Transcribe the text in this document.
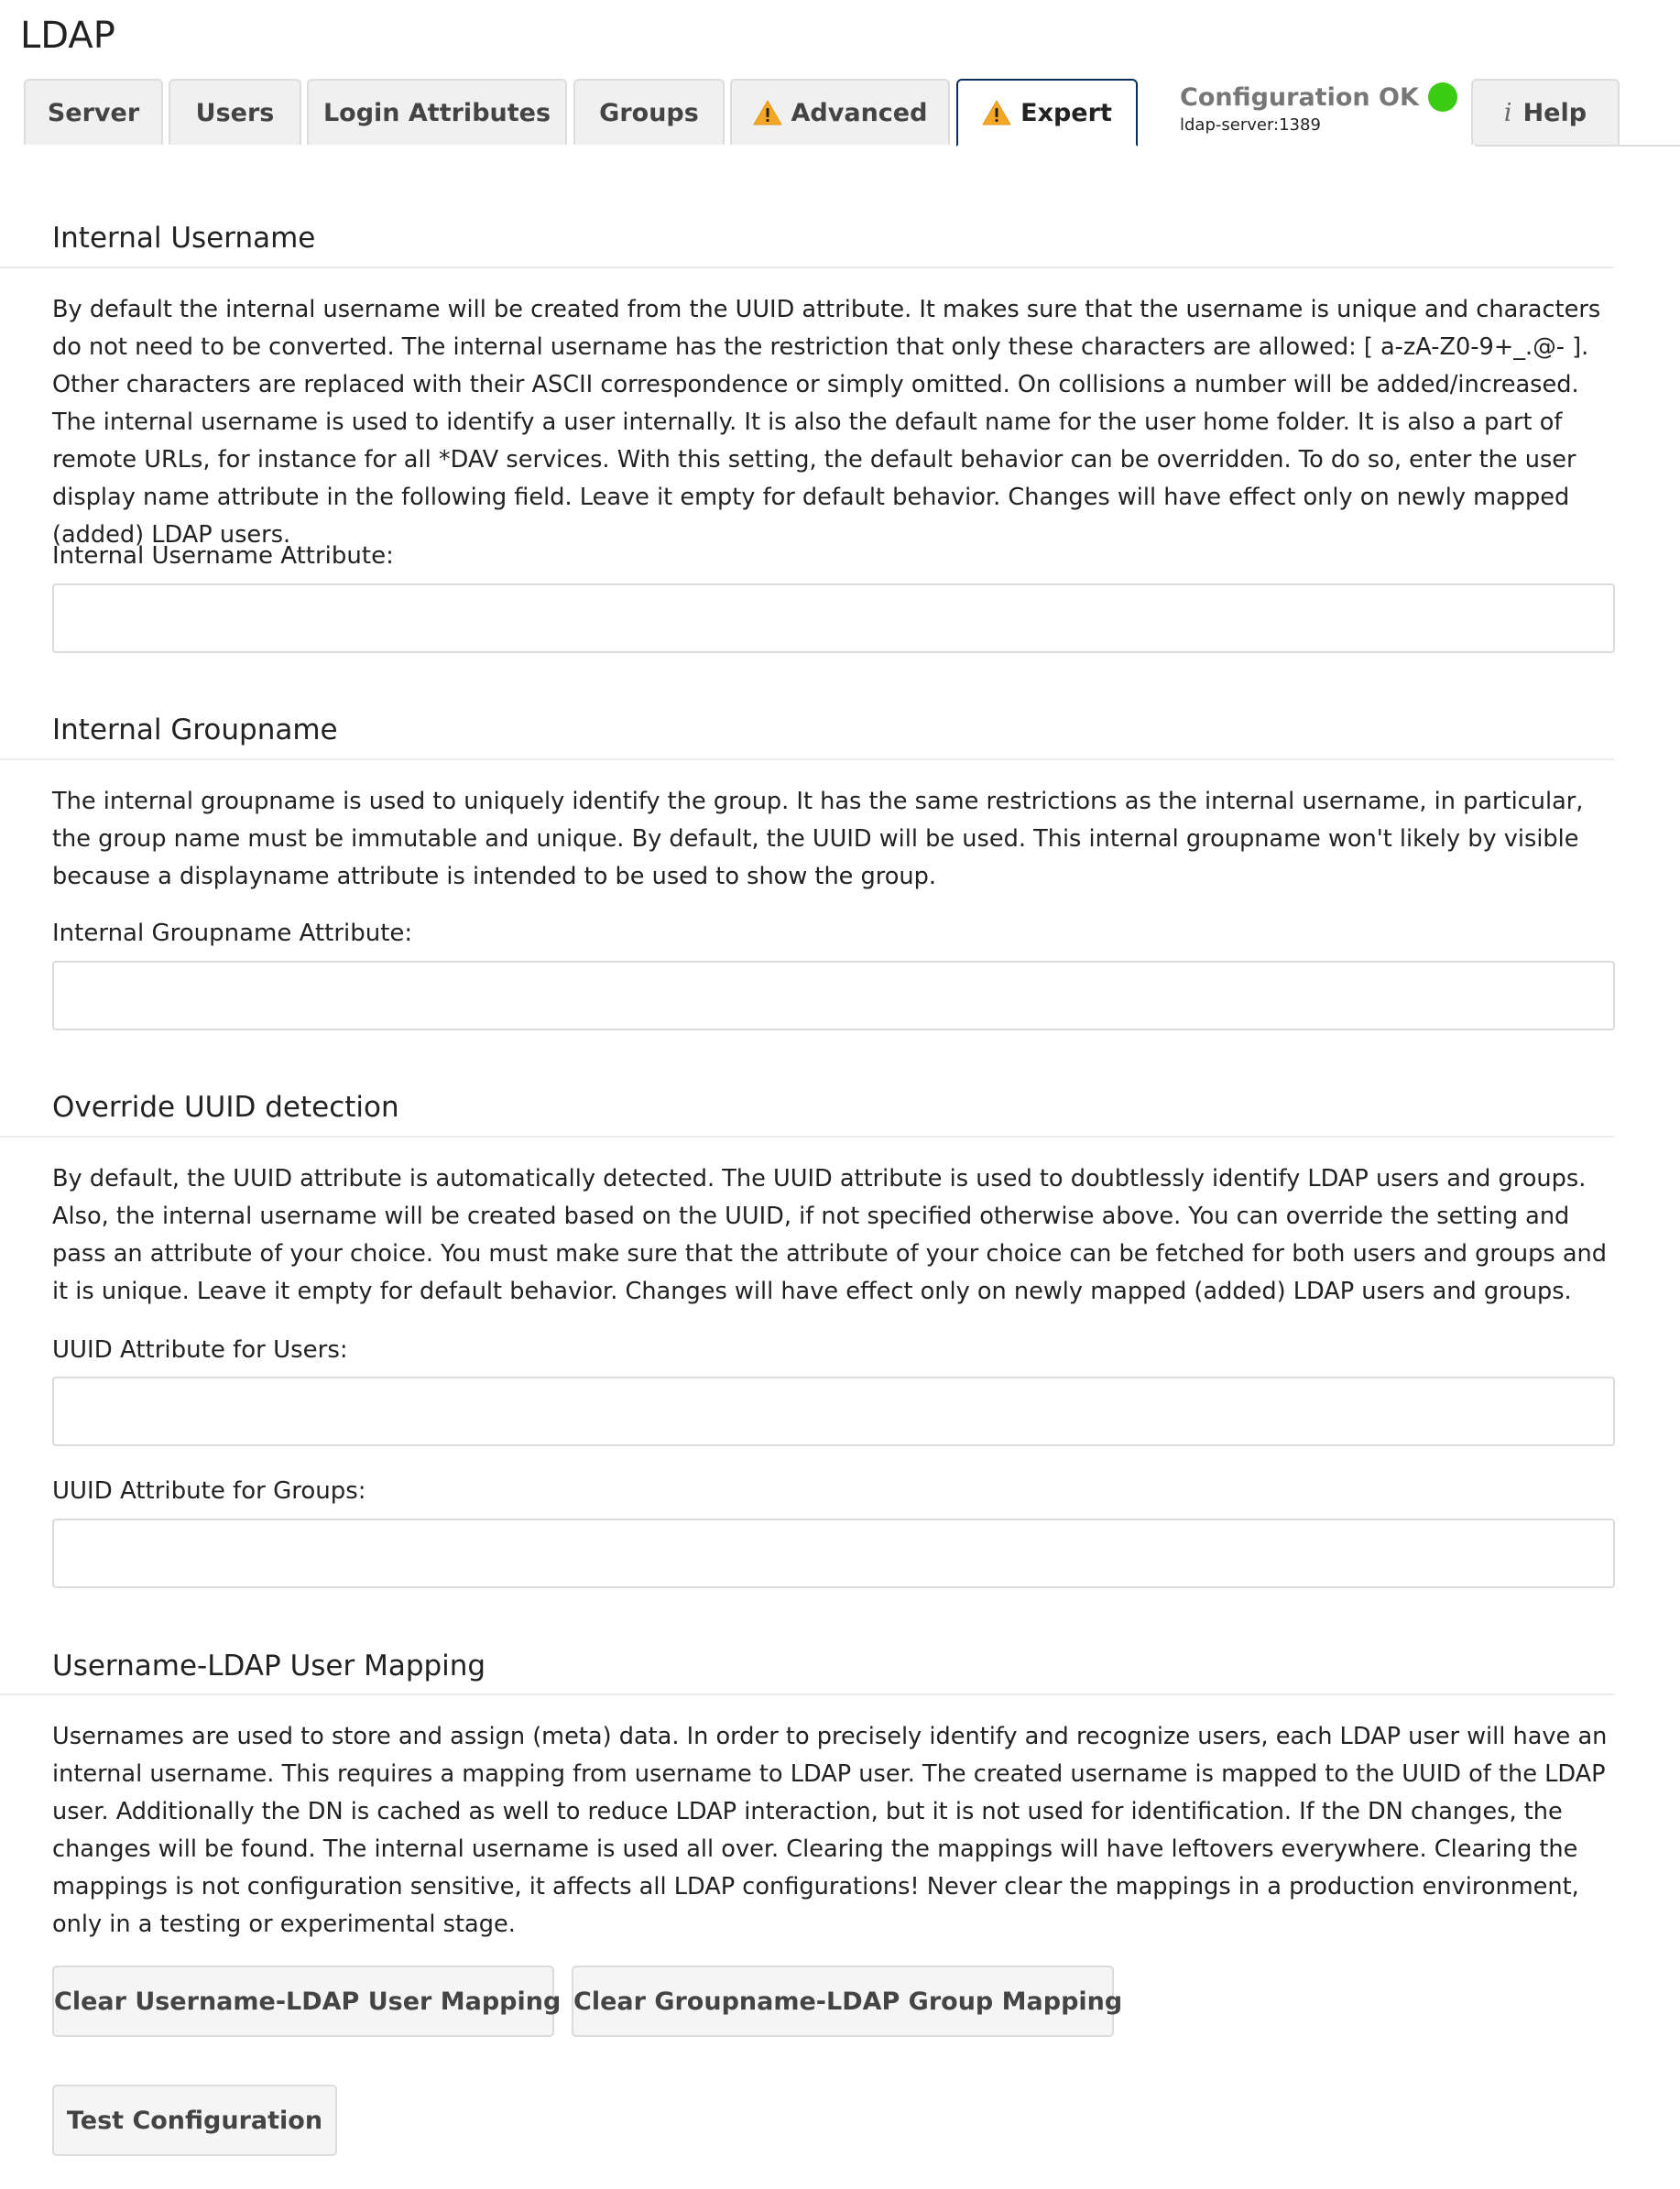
LDAP
Server Users Login Attributes Groups	Advanced	Expert
Configuration OK
ldap-server:1389	i Help
Internal Username
By default the internal username will be created from the UUID attribute. It makes sure that the username is unique and characters do not need to be converted. The internal username has the restriction that only these characters are allowed: [ a-zA-Z0-9+_.@- ]. Other characters are replaced with their ASCII correspondence or simply omitted. On collisions a number will be added/increased. The internal username is used to identify a user internally. It is also the default name for the user home folder. It is also a part of remote URLs, for instance for all *DAV services. With this setting, the default behavior can be overridden. To do so, enter the user display name attribute in the following field. Leave it empty for default behavior. Changes will have effect only on newly mapped (added) LDAP users.
Internal Username Attribute:
Internal Groupname
The internal groupname is used to uniquely identify the group. It has the same restrictions as the internal username, in particular, the group name must be immutable and unique. By default, the UUID will be used. This internal groupname won't likely by visible because a displayname attribute is intended to be used to show the group.
Internal Groupname Attribute:
Override UUID detection
By default, the UUID attribute is automatically detected. The UUID attribute is used to doubtlessly identify LDAP users and groups. Also, the internal username will be created based on the UUID, if not specified otherwise above. You can override the setting and pass an attribute of your choice. You must make sure that the attribute of your choice can be fetched for both users and groups and it is unique. Leave it empty for default behavior. Changes will have effect only on newly mapped (added) LDAP users and groups.
UUID Attribute for Users:
UUID Attribute for Groups:
Username-LDAP User Mapping
Usernames are used to store and assign (meta) data. In order to precisely identify and recognize users, each LDAP user will have an internal username. This requires a mapping from username to LDAP user. The created username is mapped to the UUID of the LDAP user. Additionally the DN is cached as well to reduce LDAP interaction, but it is not used for identification. If the DN changes, the changes will be found. The internal username is used all over. Clearing the mappings will have leftovers everywhere. Clearing the mappings is not configuration sensitive, it affects all LDAP configurations! Never clear the mappings in a production environment, only in a testing or experimental stage.
Clear Username-LDAP User Mapping Clear Groupname-LDAP Group Mapping
Test Configuration
